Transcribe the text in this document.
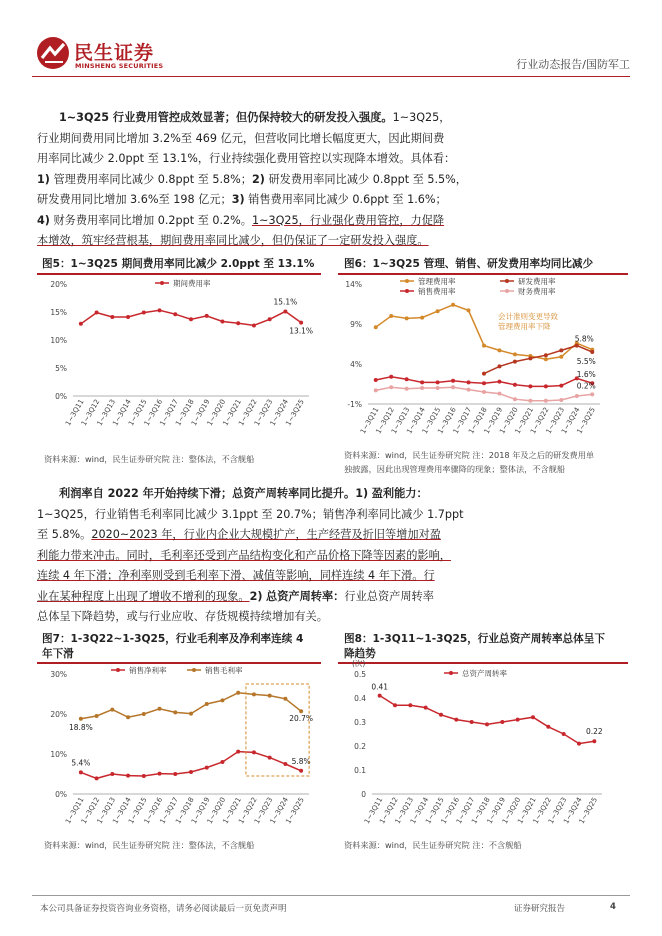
民生证券
MINSHENG SECURITIES	行业动态报告/国防军工
1~3Q25 行业费用管控成效显著；但仍保持较大的研发投入强度。1~3Q25，
行业期间费用同比增加 3.2%至 469 亿元，但营收同比增长幅度更大，因此期间费
用率同比减少 2.0ppt 至 13.1%，行业持续强化费用管控以实现降本增效。具体看：
1) 管理费用率同比减少 0.8ppt 至 5.8%；2) 研发费用率同比减少 0.8ppt 至 5.5%，
研发费用同比增加 3.6%至 198 亿元；3) 销售费用率同比减少 0.6ppt 至 1.6%；
4) 财务费用率同比增加 0.2ppt 至 0.2%。1~3Q25，行业强化费用管控，力促降
本增效，筑牢经营根基，期间费用率同比减少，但仍保证了一定研发投入强度。
图5：1~3Q25 期间费用率同比减少 2.0ppt 至 13.1%
0%
5%
10%
15%
20%
1~3Q11
1~3Q12
1~3Q13
1~3Q14
1~3Q15
1~3Q16
1~3Q17
1~3Q18
1~3Q19
1~3Q20
1~3Q21
1~3Q22
1~3Q23
1~3Q24
1~3Q25
期间费用率
15.1%
13.1%
资料来源：wind，民生证券研究院 注：整体法，不含舰船
图6：1~3Q25 管理、销售、研发费用率均同比减少
-1%
4%
9%
14%
1~3Q11
1~3Q12
1~3Q13
1~3Q14
1~3Q15
1~3Q16
1~3Q17
1~3Q18
1~3Q19
1~3Q20
1~3Q21
1~3Q22
1~3Q23
1~3Q24
1~3Q25
管理费用率	研发费用率
销售费用率	财务费用率
5.8%
5.5%
1.6%
0.2%
会计准则变更导致
管理费用率下降
资料来源：wind，民生证券研究院 注：2018 年及之后的研发费用单
独披露，因此出现管理费用率骤降的现象；整体法，不含舰船
利润率自 2022 年开始持续下滑；总资产周转率同比提升。1) 盈利能力：
1~3Q25，行业销售毛利率同比减少 3.1ppt 至 20.7%；销售净利率同比减少 1.7ppt
至 5.8%。2020~2023 年，行业内企业大规模扩产，生产经营及折旧等增加对盈
利能力带来冲击。同时，毛利率还受到产品结构变化和产品价格下降等因素的影响，
连续 4 年下滑；净利率则受到毛利率下滑、减值等影响，同样连续 4 年下滑。行
业在某种程度上出现了增收不增利的现象。2) 总资产周转率：行业总资产周转率
总体呈下降趋势，或与行业应收、存货规模持续增加有关。
图7：1-3Q22~1-3Q25，行业毛利率及净利率连续 4
年下滑
0%
10%
20%
30%
1~3Q11
1~3Q12
1~3Q13
1~3Q14
1~3Q15
1~3Q16
1~3Q17
1~3Q18
1~3Q19
1~3Q20
1~3Q21
1~3Q22
1~3Q23
1~3Q24
1~3Q25
销售净利率	销售毛利率
18.8%
5.4%
20.7%
5.8%
资料来源：wind，民生证券研究院 注：整体法，不含舰船
图8：1-3Q11~1-3Q25，行业总资产周转率总体呈下
降趋势
0
0.1
0.2
0.3
0.4
0.5
(次)
1~3Q11
1~3Q12
1~3Q13
1~3Q14
1~3Q15
1~3Q16
1~3Q17
1~3Q18
1~3Q19
1~3Q20
1~3Q21
1~3Q22
1~3Q23
1~3Q24
1~3Q25
总资产周转率
0.41
0.22
资料来源：wind，民生证券研究院 注：不含舰船
本公司具备证券投资咨询业务资格，请务必阅读最后一页免责声明	证券研究报告	4
